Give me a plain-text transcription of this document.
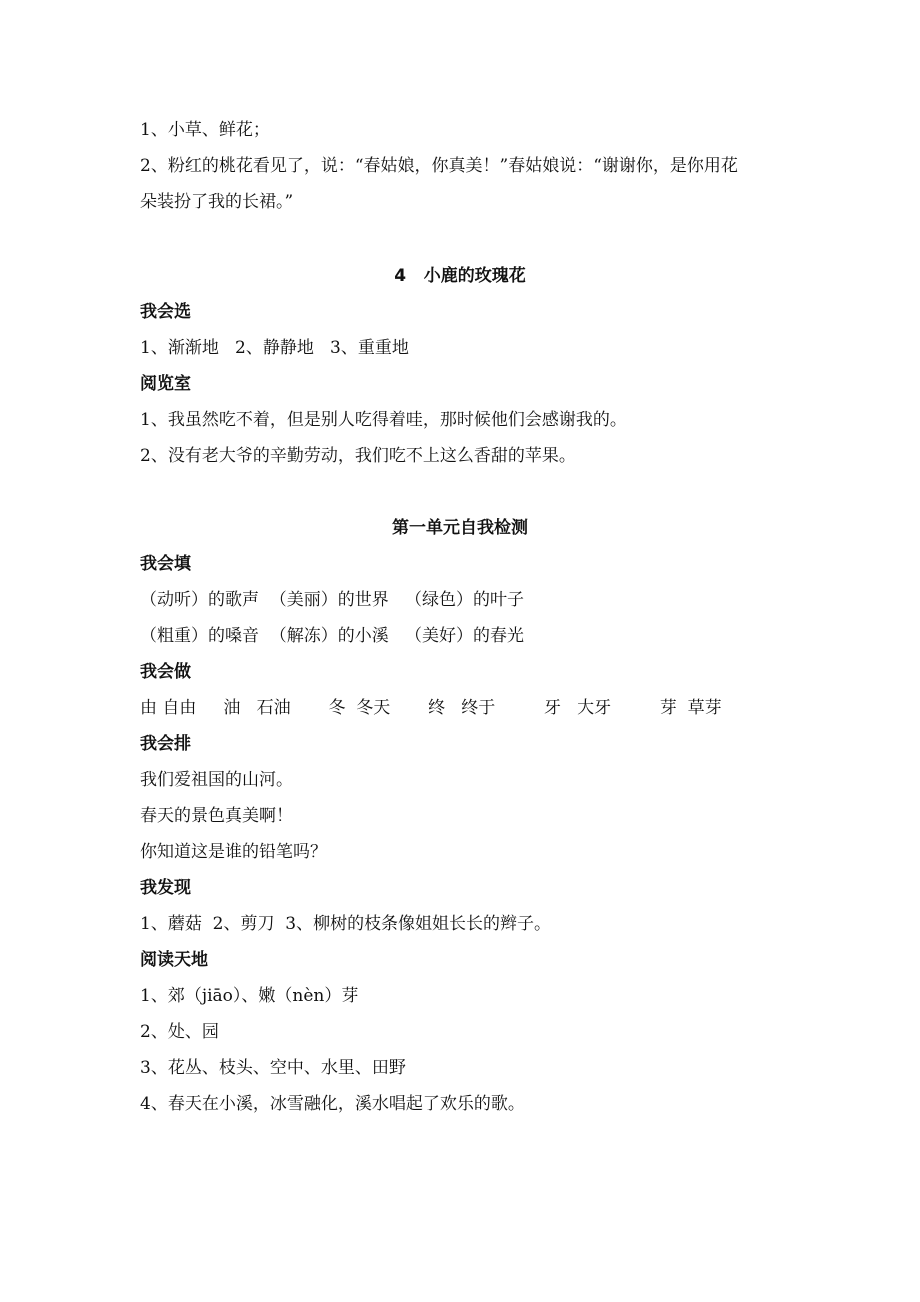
1、小草、鲜花；
2、粉红的桃花看见了，说：“春姑娘，你真美！”春姑娘说：“谢谢你，是你用花
朵装扮了我的长裙。”
4   小鹿的玫瑰花
我会选
1、渐渐地   2、静静地   3、重重地
阅览室
1、我虽然吃不着，但是别人吃得着哇，那时候他们会感谢我的。
2、没有老大爷的辛勤劳动，我们吃不上这么香甜的苹果。
第一单元自我检测
我会填
（动听）的歌声  （美丽）的世界   （绿色）的叶子
（粗重）的嗓音  （解冻）的小溪   （美好）的春光
我会做
由 自由     油   石油       冬  冬天       终   终于         牙   大牙         芽  草芽
我会排
我们爱祖国的山河。
春天的景色真美啊！
你知道这是谁的铅笔吗？
我发现
1、蘑菇  2、剪刀  3、柳树的枝条像姐姐长长的辫子。
阅读天地
1、郊（jiāo）、嫩（nèn）芽
2、处、园
3、花丛、枝头、空中、水里、田野
4、春天在小溪，冰雪融化，溪水唱起了欢乐的歌。
